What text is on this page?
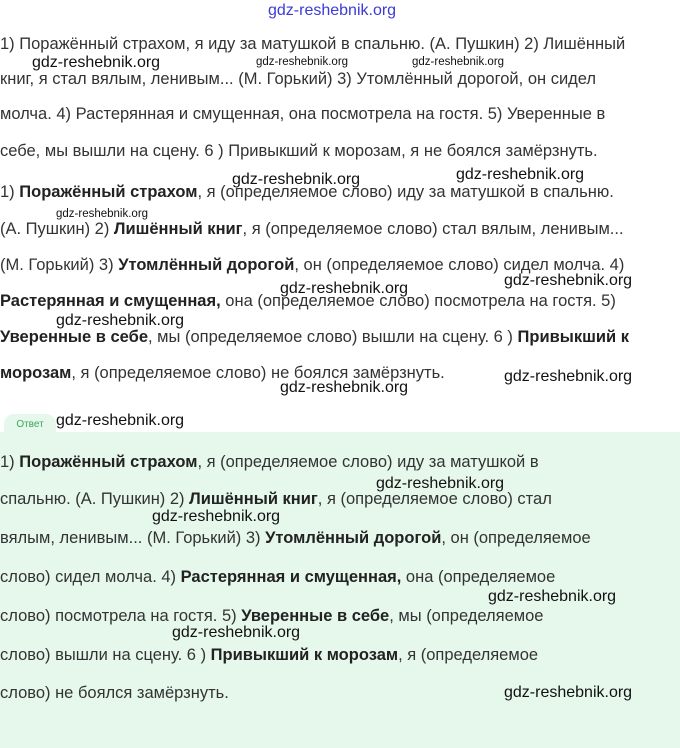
gdz-reshebnik.org
1) Поражённый страхом, я иду за матушкой в спальню. (А. Пушкин) 2) Лишённый
книг, я стал вялым, ленивым... (М. Горький) 3) Утомлённый дорогой, он сидел
молча. 4) Растерянная и смущенная, она посмотрела на гостя. 5) Уверенные в
себе, мы вышли на сцену. 6 ) Привыкший к морозам, я не боялся замёрзнуть.
1) Поражённый страхом, я (определяемое слово) иду за матушкой в спальню.
(А. Пушкин) 2) Лишённый книг, я (определяемое слово) стал вялым, ленивым...
(М. Горький) 3) Утомлённый дорогой, он (определяемое слово) сидел молча. 4)
Растерянная и смущенная, она (определяемое слово) посмотрела на гостя. 5)
Уверенные в себе, мы (определяемое слово) вышли на сцену. 6 ) Привыкший к
морозам, я (определяемое слово) не боялся замёрзнуть.
Ответ
1) Поражённый страхом, я (определяемое слово) иду за матушкой в
спальню. (А. Пушкин) 2) Лишённый книг, я (определяемое слово) стал
вялым, ленивым... (М. Горький) 3) Утомлённый дорогой, он (определяемое
слово) сидел молча. 4) Растерянная и смущенная, она (определяемое
слово) посмотрела на гостя. 5) Уверенные в себе, мы (определяемое
слово) вышли на сцену. 6 ) Привыкший к морозам, я (определяемое
слово) не боялся замёрзнуть.
gdz-reshebnik.org	gdz-reshebnik.org	gdz-reshebnik.org
gdz-reshebnik.org	gdz-reshebnik.org
gdz-reshebnik.org
gdz-reshebnik.org
gdz-reshebnik.org
gdz-reshebnik.org
gdz-reshebnik.org
gdz-reshebnik.org
gdz-reshebnik.org
gdz-reshebnik.org
gdz-reshebnik.org
gdz-reshebnik.org
gdz-reshebnik.org
gdz-reshebnik.org
